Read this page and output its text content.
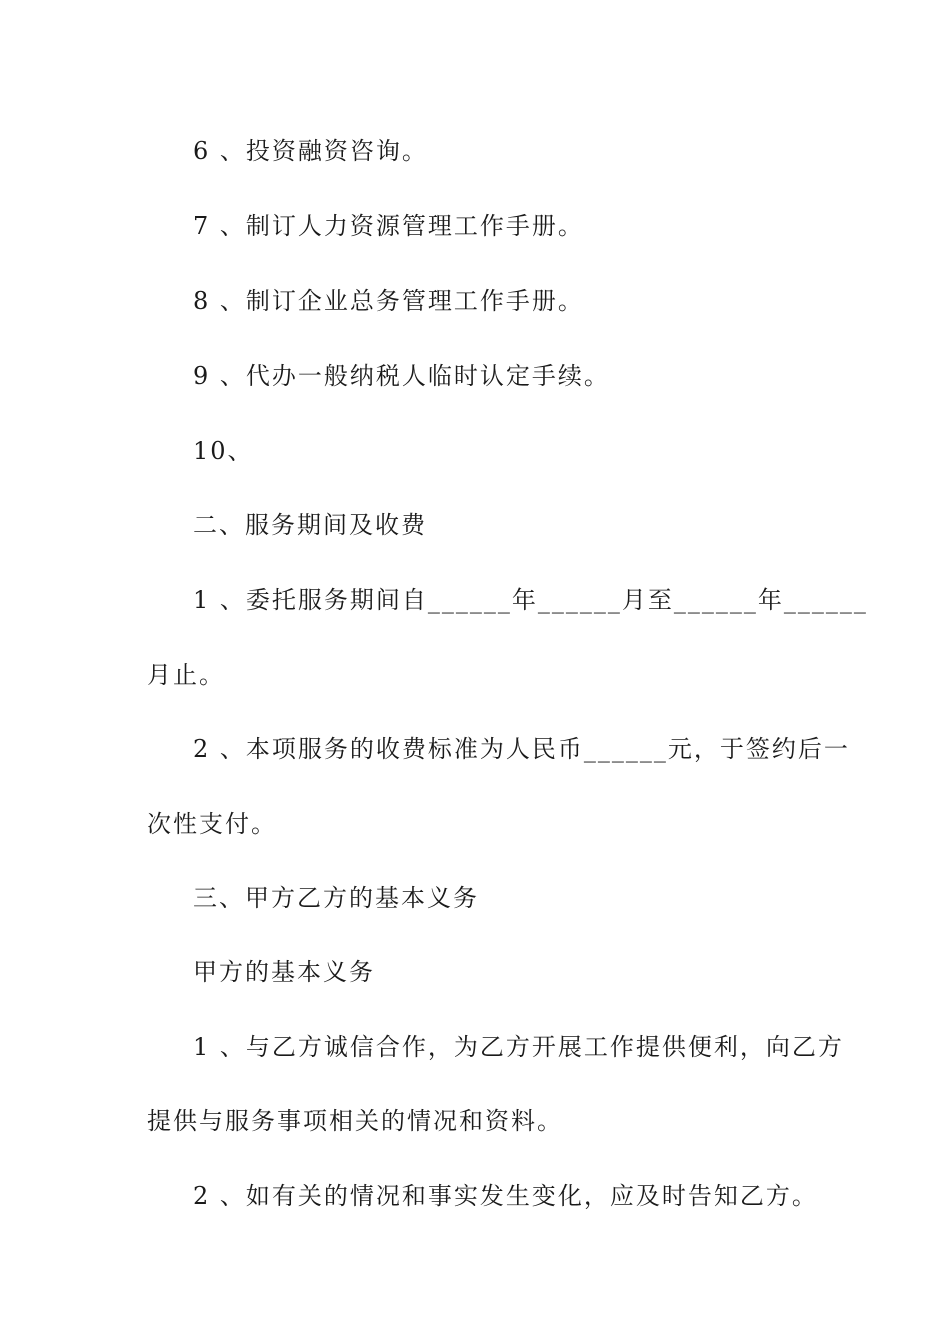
6 、投资融资咨询。
7 、制订人力资源管理工作手册。
8 、制订企业总务管理工作手册。
9 、代办一般纳税人临时认定手续。
10、
二、服务期间及收费
1 、委托服务期间自______年______月至______年______
月止。
2 、本项服务的收费标准为人民币______元，于签约后一
次性支付。
三、甲方乙方的基本义务
甲方的基本义务
1 、与乙方诚信合作，为乙方开展工作提供便利，向乙方
提供与服务事项相关的情况和资料。
2 、如有关的情况和事实发生变化，应及时告知乙方。
